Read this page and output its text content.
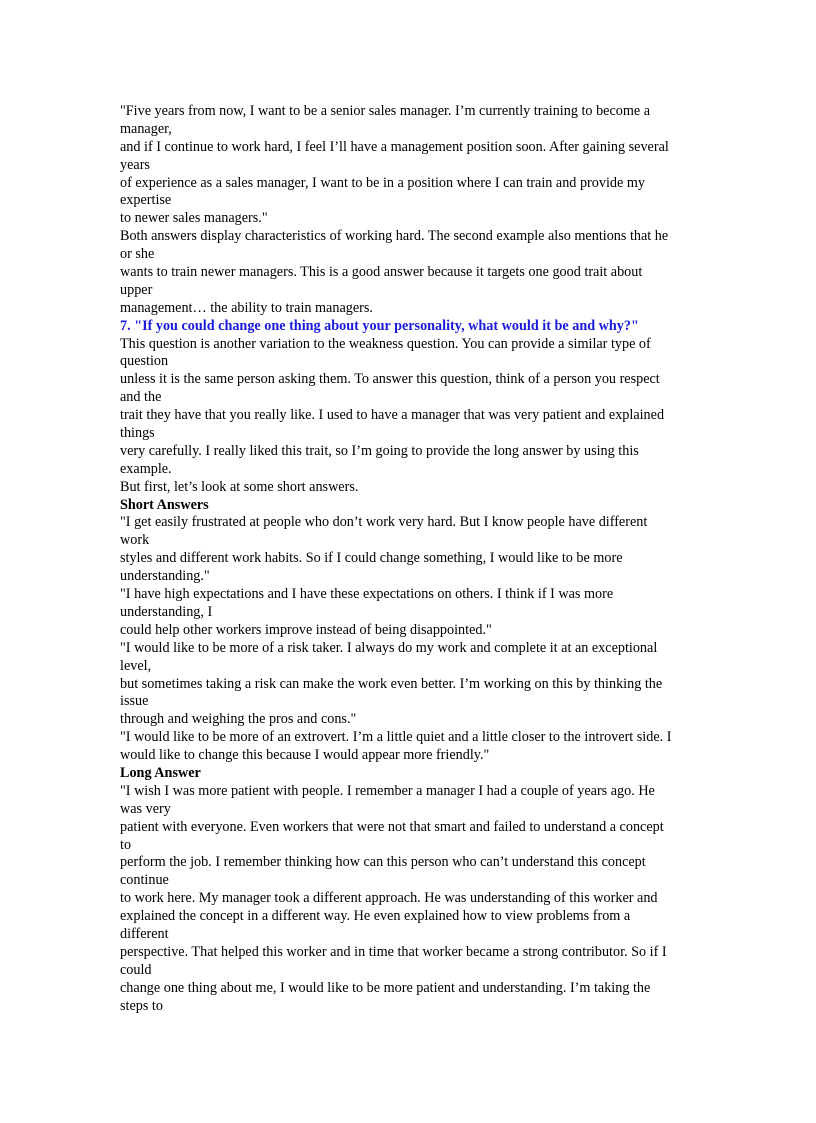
"Five years from now, I want to be a senior sales manager. I’m currently training to become a
manager,
and if I continue to work hard, I feel I’ll have a management position soon. After gaining several
years
of experience as a sales manager, I want to be in a position where I can train and provide my
expertise
to newer sales managers."
Both answers display characteristics of working hard. The second example also mentions that he
or she
wants to train newer managers. This is a good answer because it targets one good trait about
upper
management… the ability to train managers.
7. "If you could change one thing about your personality, what would it be and why?"
This question is another variation to the weakness question. You can provide a similar type of
question
unless it is the same person asking them. To answer this question, think of a person you respect
and the
trait they have that you really like. I used to have a manager that was very patient and explained
things
very carefully. I really liked this trait, so I’m going to provide the long answer by using this
example.
But first, let’s look at some short answers.
Short Answers
"I get easily frustrated at people who don’t work very hard. But I know people have different
work
styles and different work habits. So if I could change something, I would like to be more
understanding."
"I have high expectations and I have these expectations on others. I think if I was more
understanding, I
could help other workers improve instead of being disappointed."
"I would like to be more of a risk taker. I always do my work and complete it at an exceptional
level,
but sometimes taking a risk can make the work even better. I’m working on this by thinking the
issue
through and weighing the pros and cons."
"I would like to be more of an extrovert. I’m a little quiet and a little closer to the introvert side. I
would like to change this because I would appear more friendly."
Long Answer
"I wish I was more patient with people. I remember a manager I had a couple of years ago. He
was very
patient with everyone. Even workers that were not that smart and failed to understand a concept
to
perform the job. I remember thinking how can this person who can’t understand this concept
continue
to work here. My manager took a different approach. He was understanding of this worker and
explained the concept in a different way. He even explained how to view problems from a
different
perspective. That helped this worker and in time that worker became a strong contributor. So if I
could
change one thing about me, I would like to be more patient and understanding. I’m taking the
steps to
